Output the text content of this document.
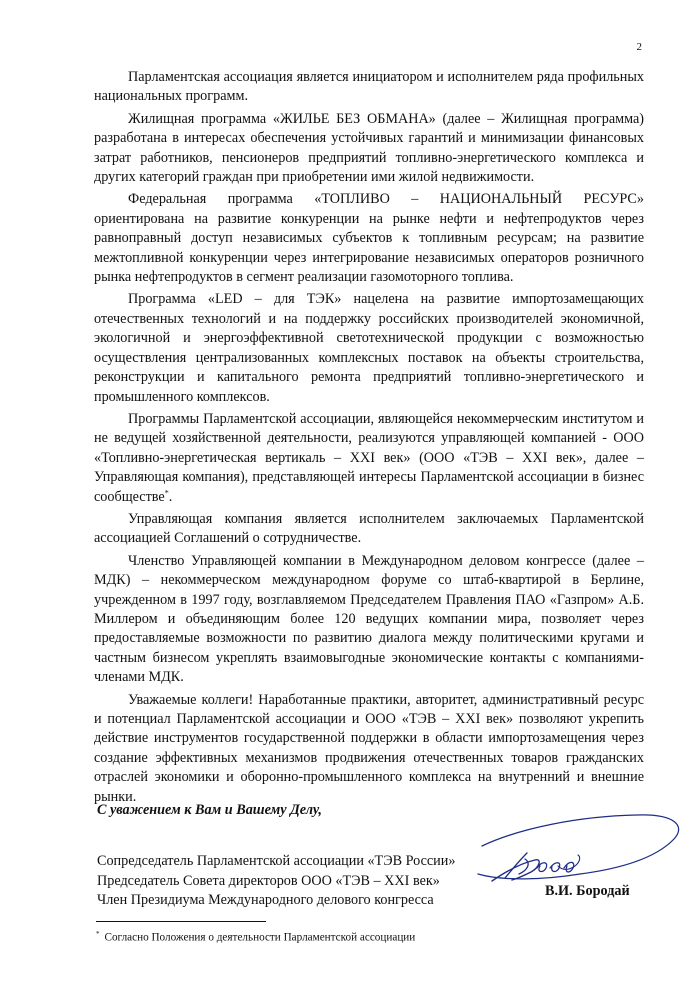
2

Парламентская ассоциация является инициатором и исполнителем ряда профильных национальных программ.

Жилищная программа «ЖИЛЬЕ БЕЗ ОБМАНА» (далее – Жилищная программа) разработана в интересах обеспечения устойчивых гарантий и минимизации финансовых затрат работников, пенсионеров предприятий топливно-энергетического комплекса и других категорий граждан при приобретении ими жилой недвижимости.

Федеральная программа «ТОПЛИВО – НАЦИОНАЛЬНЫЙ РЕСУРС» ориентирована на развитие конкуренции на рынке нефти и нефтепродуктов через равноправный доступ независимых субъектов к топливным ресурсам; на развитие межтопливной конкуренции через интегрирование независимых операторов розничного рынка нефтепродуктов в сегмент реализации газомоторного топлива.

Программа «LED – для ТЭК» нацелена на развитие импортозамещающих отечественных технологий и на поддержку российских производителей экономичной, экологичной и энергоэффективной светотехнической продукции с возможностью осуществления централизованных комплексных поставок на объекты строительства, реконструкции и капитального ремонта предприятий топливно-энергетического и промышленного комплексов.

Программы Парламентской ассоциации, являющейся некоммерческим институтом и не ведущей хозяйственной деятельности, реализуются управляющей компанией - ООО «Топливно-энергетическая вертикаль – XXI век» (ООО «ТЭВ – XXI век», далее – Управляющая компания), представляющей интересы Парламентской ассоциации в бизнес сообществе*.

Управляющая компания является исполнителем заключаемых Парламентской ассоциацией Соглашений о сотрудничестве.

Членство Управляющей компании в Международном деловом конгрессе (далее – МДК) – некоммерческом международном форуме со штаб-квартирой в Берлине, учрежденном в 1997 году, возглавляемом Председателем Правления ПАО «Газпром» А.Б. Миллером и объединяющим более 120 ведущих компании мира, позволяет через предоставляемые возможности по развитию диалога между политическими кругами и частным бизнесом укреплять взаимовыгодные экономические контакты с компаниями-членами МДК.

Уважаемые коллеги! Наработанные практики, авторитет, административный ресурс и потенциал Парламентской ассоциации и ООО «ТЭВ – XXI век» позволяют укрепить действие инструментов государственной поддержки в области импортозамещения через создание эффективных механизмов продвижения отечественных товаров гражданских отраслей экономики и оборонно-промышленного комплекса на внутренний и внешние рынки.

С уважением к Вам и Вашему Делу,
Сопредседатель Парламентской ассоциации «ТЭВ России»
Председатель Совета директоров ООО «ТЭВ – XXI век»
Член Президиума Международного делового конгресса
В.И. Бородай
* Согласно Положения о деятельности Парламентской ассоциации
